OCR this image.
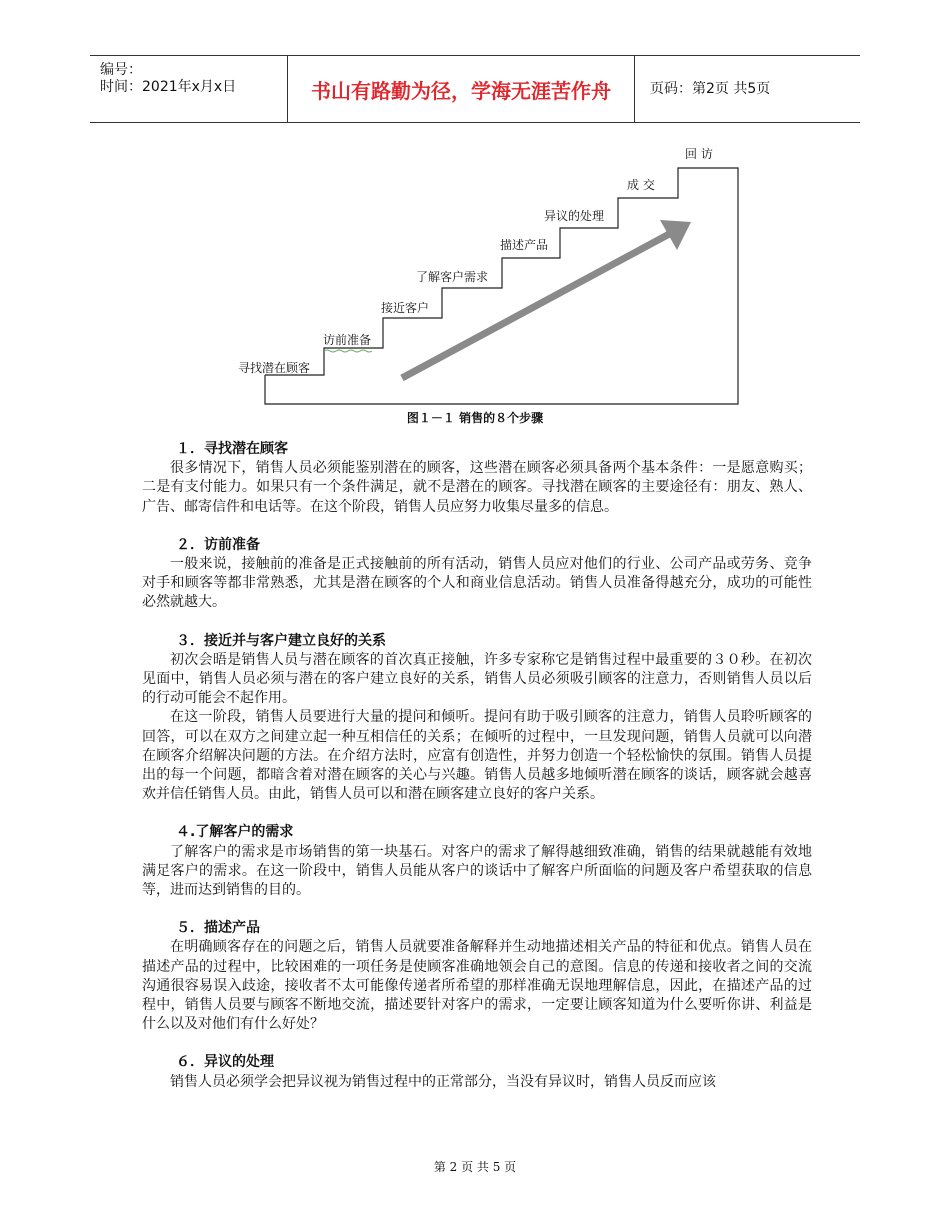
编号：
时间：2021年x月x日	书山有路勤为径，学海无涯苦作舟	页码：第2页 共5页
寻找潜在顾客
访前准备
接近客户
了解客户需求
描述产品
异议的处理
成 交
回 访
图１－１ 销售的８个步骤
１．寻找潜在顾客

很多情况下，销售人员必须能鉴别潜在的顾客，这些潜在顾客必须具备两个基本条件：一是愿意购买；二是有支付能力。如果只有一个条件满足，就不是潜在的顾客。寻找潜在顾客的主要途径有：朋友、熟人、广告、邮寄信件和电话等。在这个阶段，销售人员应努力收集尽量多的信息。

２．访前准备

一般来说，接触前的准备是正式接触前的所有活动，销售人员应对他们的行业、公司产品或劳务、竞争对手和顾客等都非常熟悉，尤其是潜在顾客的个人和商业信息活动。销售人员准备得越充分，成功的可能性必然就越大。

３．接近并与客户建立良好的关系

初次会晤是销售人员与潜在顾客的首次真正接触，许多专家称它是销售过程中最重要的３０秒。在初次见面中，销售人员必须与潜在的客户建立良好的关系，销售人员必须吸引顾客的注意力，否则销售人员以后的行动可能会不起作用。

在这一阶段，销售人员要进行大量的提问和倾听。提问有助于吸引顾客的注意力，销售人员聆听顾客的回答，可以在双方之间建立起一种互相信任的关系；在倾听的过程中，一旦发现问题，销售人员就可以向潜在顾客介绍解决问题的方法。在介绍方法时，应富有创造性，并努力创造一个轻松愉快的氛围。销售人员提出的每一个问题，都暗含着对潜在顾客的关心与兴趣。销售人员越多地倾听潜在顾客的谈话，顾客就会越喜欢并信任销售人员。由此，销售人员可以和潜在顾客建立良好的客户关系。

４.了解客户的需求

了解客户的需求是市场销售的第一块基石。对客户的需求了解得越细致准确，销售的结果就越能有效地满足客户的需求。在这一阶段中，销售人员能从客户的谈话中了解客户所面临的问题及客户希望获取的信息等，进而达到销售的目的。

５．描述产品

在明确顾客存在的问题之后，销售人员就要准备解释并生动地描述相关产品的特征和优点。销售人员在描述产品的过程中，比较困难的一项任务是使顾客准确地领会自己的意图。信息的传递和接收者之间的交流沟通很容易误入歧途，接收者不太可能像传递者所希望的那样准确无误地理解信息，因此，在描述产品的过程中，销售人员要与顾客不断地交流，描述要针对客户的需求，一定要让顾客知道为什么要听你讲、利益是什么以及对他们有什么好处？

６．异议的处理

销售人员必须学会把异议视为销售过程中的正常部分，当没有异议时，销售人员反而应该

第 2 页 共 5 页
